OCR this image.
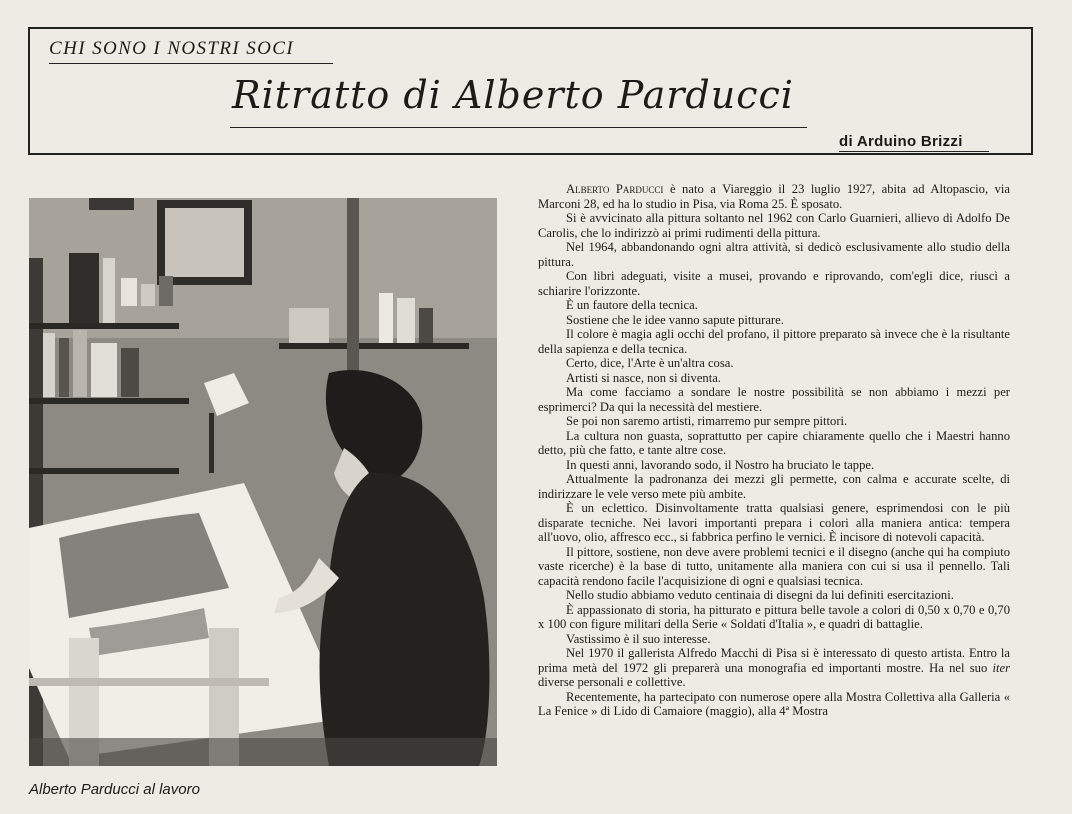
CHI SONO I NOSTRI SOCI
Ritratto di Alberto Parducci
di Arduino Brizzi
Alberto Parducci al lavoro

Alberto Parducci è nato a Viareggio il 23 luglio 1927, abita ad Altopascio, via Marconi 28, ed ha lo studio in Pisa, via Roma 25. È sposato.

Si è avvicinato alla pittura soltanto nel 1962 con Carlo Guarnieri, allievo di Adolfo De Carolis, che lo indirizzò ai primi rudimenti della pittura.

Nel 1964, abbandonando ogni altra attività, si dedicò esclusivamente allo studio della pittura.

Con libri adeguati, visite a musei, provando e riprovando, com'egli dice, riuscì a schiarire l'orizzonte.

È un fautore della tecnica.

Sostiene che le idee vanno sapute pitturare.

Il colore è magia agli occhi del profano, il pittore preparato sà invece che è la risultante della sapienza e della tecnica.

Certo, dice, l'Arte è un'altra cosa.

Artisti si nasce, non si diventa.

Ma come facciamo a sondare le nostre possibilità se non abbiamo i mezzi per esprimerci? Da qui la necessità del mestiere.

Se poi non saremo artisti, rimarremo pur sempre pittori.

La cultura non guasta, soprattutto per capire chiaramente quello che i Maestri hanno detto, più che fatto, e tante altre cose.

In questi anni, lavorando sodo, il Nostro ha bruciato le tappe.

Attualmente la padronanza dei mezzi gli permette, con calma e accurate scelte, di indirizzare le vele verso mete più ambite.

È un eclettico. Disinvoltamente tratta qualsiasi genere, esprimendosi con le più disparate tecniche. Nei lavori importanti prepara i colori alla maniera antica: tempera all'uovo, olio, affresco ecc., si fabbrica perfino le vernici. È incisore di notevoli capacità.

Il pittore, sostiene, non deve avere problemi tecnici e il disegno (anche qui ha compiuto vaste ricerche) è la base di tutto, unitamente alla maniera con cui si usa il pennello. Tali capacità rendono facile l'acquisizione di ogni e qualsiasi tecnica.

Nello studio abbiamo veduto centinaia di disegni da lui definiti esercitazioni.

È appassionato di storia, ha pitturato e pittura belle tavole a colori di 0,50 x 0,70 e 0,70 x 100 con figure militari della Serie « Soldati d'Italia », e quadri di battaglie.

Vastissimo è il suo interesse.

Nel 1970 il gallerista Alfredo Macchi di Pisa si è interessato di questo artista. Entro la prima metà del 1972 gli preparerà una monografia ed importanti mostre. Ha nel suo iter diverse personali e collettive.

Recentemente, ha partecipato con numerose opere alla Mostra Collettiva alla Galleria « La Fenice » di Lido di Camaiore (maggio), alla 4ª Mostra
